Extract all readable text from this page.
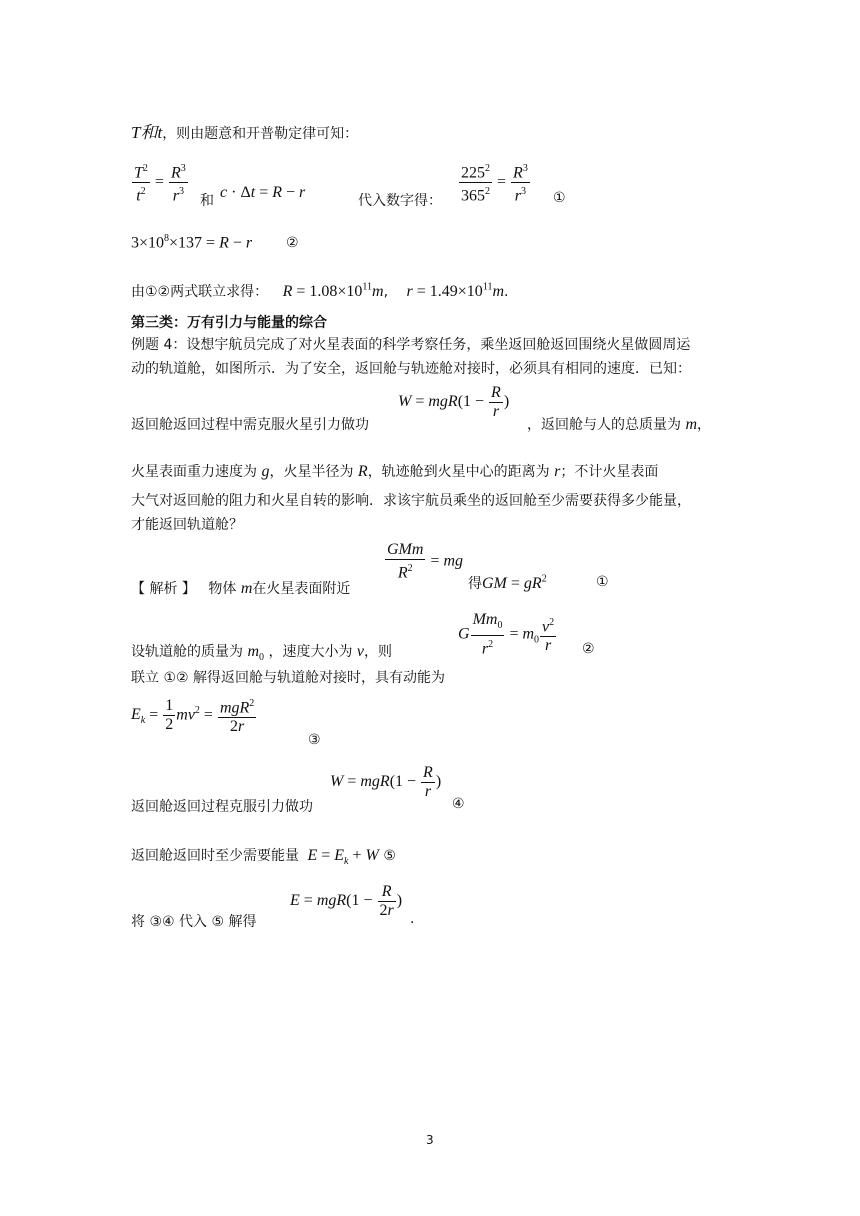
T和t，则由题意和开普勒定律可知：
$\frac{T^2}{t^2} = \frac{R^3}{r^3}$ 和 c · Δt = R − r	代入数字得： $\frac{225^2}{365^2} = \frac{R^3}{r^3}$ ①
$3\times 10^8\times 137 = R - r$ ②
由①②两式联立求得： $R = 1.08\times 10^{11}m$, $r = 1.49\times 10^{11}m$.
第三类：万有引力与能量的综合
例题 4：设想宇航员完成了对火星表面的科学考察任务，乘坐返回舱返回围绕火星做圆周运
动的轨道舱，如图所示．为了安全，返回舱与轨迹舱对接时，必须具有相同的速度．已知：
$W = mgR(1 - \frac{R}{r}$ )
返回舱返回过程中需克服火星引力做功	，返回舱与人的总质量为 m，
火星表面重力速度为 g，火星半径为 R，轨迹舱到火星中心的距离为 r；不计火星表面
大气对返回舱的阻力和火星自转的影响．求该宇航员乘坐的返回舱至少需要获得多少能量，
才能返回轨道舱？
$\frac{\text{GMm}}{R^2}$ = mg
【 解析 】 物体 m在火星表面附近	得GM = $gR^2$	①
G $\frac{Mm_0}{r^2} = m_0 \frac{v^2}{r}$
设轨道舱的质量为 $m_0$ ，速度大小为 v，则	②
联立 ①② 解得返回舱与轨道舱对接时，具有动能为
$E_k = \frac{1}{2} mv^2 = \frac{mgR^2}{2r}$
③
$W = mgR(1 - \frac{R}{r}$ )
返回舱返回过程克服引力做功	④
返回舱返回时至少需要能量 $E = E_k + W$ ⑤
$E = mgR(1 - \frac{R}{2r}$ )
将 ③④ 代入 ⑤ 解得	.
3
